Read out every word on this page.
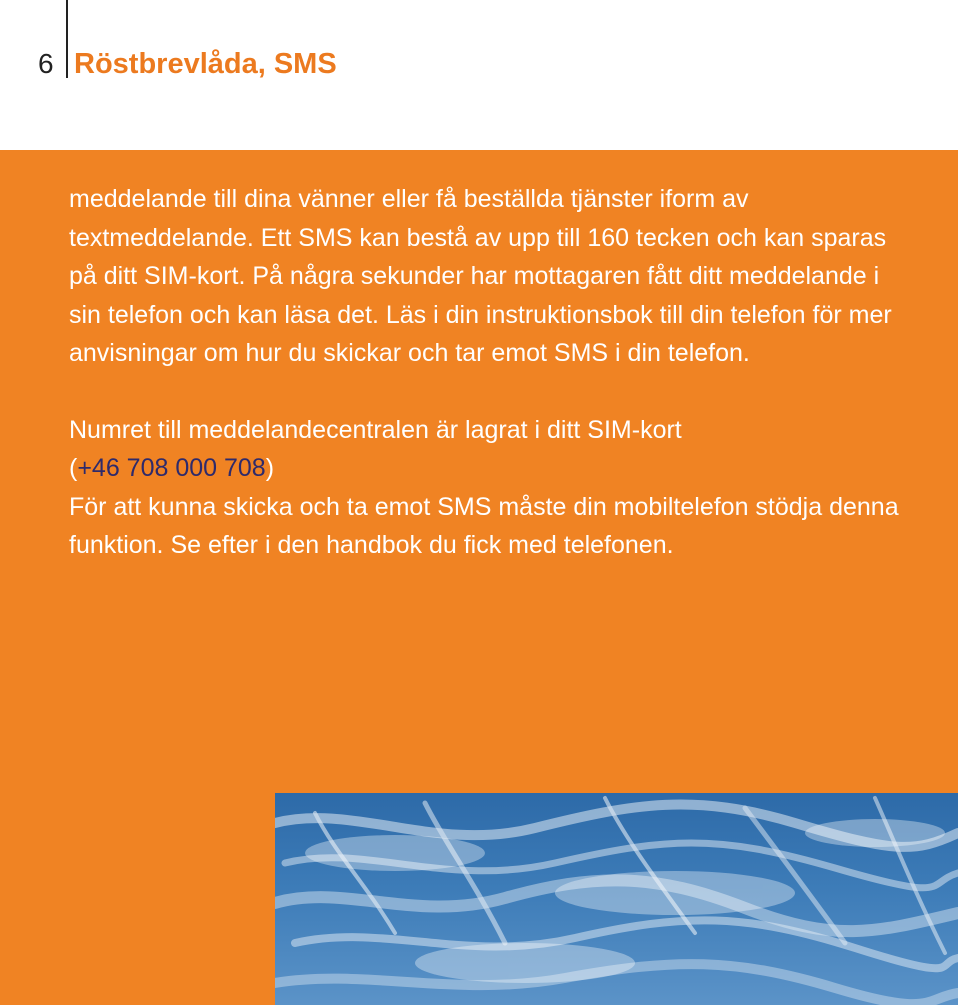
6 Röstbrevlåda, SMS

meddelande till dina vänner eller få beställda tjänster iform av textmeddelande. Ett SMS kan bestå av upp till 160 tecken och kan sparas på ditt SIM-kort. På några sekunder har mottagaren fått ditt meddelande i sin telefon och kan läsa det. Läs i din instruktionsbok till din telefon för mer anvisningar om hur du skickar och tar emot SMS i din telefon.

Numret till meddelandecentralen är lagrat i ditt SIM-kort
(+46 708 000 708)
För att kunna skicka och ta emot SMS måste din mobiltelefon stödja denna funktion. Se efter i den handbok du fick med telefonen.
